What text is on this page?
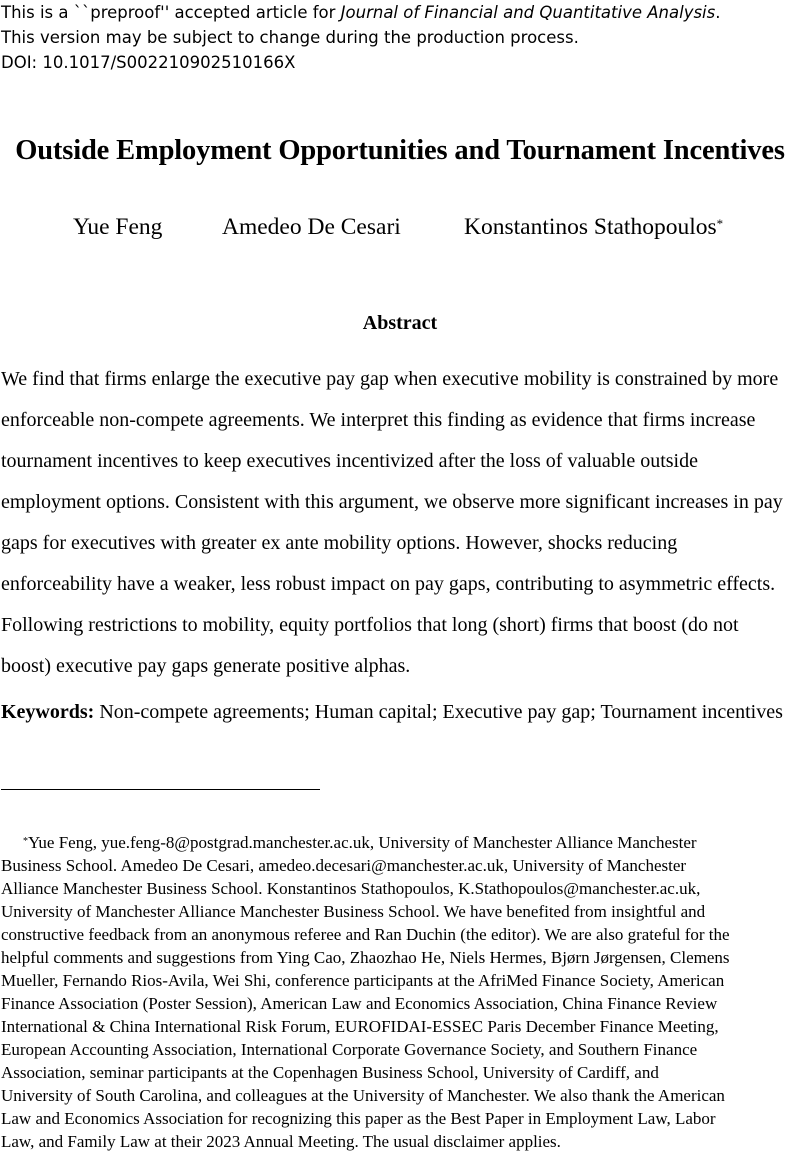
This is a ``preproof'' accepted article for Journal of Financial and Quantitative Analysis.
This version may be subject to change during the production process.
DOI: 10.1017/S002210902510166X
Outside Employment Opportunities and Tournament Incentives
Yue Feng	Amedeo De Cesari	Konstantinos Stathopoulos*
Abstract
We find that firms enlarge the executive pay gap when executive mobility is constrained by more
enforceable non-compete agreements. We interpret this finding as evidence that firms increase
tournament incentives to keep executives incentivized after the loss of valuable outside
employment options. Consistent with this argument, we observe more significant increases in pay
gaps for executives with greater ex ante mobility options. However, shocks reducing
enforceability have a weaker, less robust impact on pay gaps, contributing to asymmetric effects.
Following restrictions to mobility, equity portfolios that long (short) firms that boost (do not
boost) executive pay gaps generate positive alphas.
Keywords: Non-compete agreements; Human capital; Executive pay gap; Tournament incentives
*Yue Feng, yue.feng-8@postgrad.manchester.ac.uk, University of Manchester Alliance Manchester
Business School. Amedeo De Cesari, amedeo.decesari@manchester.ac.uk, University of Manchester
Alliance Manchester Business School. Konstantinos Stathopoulos, K.Stathopoulos@manchester.ac.uk,
University of Manchester Alliance Manchester Business School. We have benefited from insightful and
constructive feedback from an anonymous referee and Ran Duchin (the editor). We are also grateful for the
helpful comments and suggestions from Ying Cao, Zhaozhao He, Niels Hermes, Bjørn Jørgensen, Clemens
Mueller, Fernando Rios-Avila, Wei Shi, conference participants at the AfriMed Finance Society, American
Finance Association (Poster Session), American Law and Economics Association, China Finance Review
International & China International Risk Forum, EUROFIDAI-ESSEC Paris December Finance Meeting,
European Accounting Association, International Corporate Governance Society, and Southern Finance
Association, seminar participants at the Copenhagen Business School, University of Cardiff, and
University of South Carolina, and colleagues at the University of Manchester. We also thank the American
Law and Economics Association for recognizing this paper as the Best Paper in Employment Law, Labor
Law, and Family Law at their 2023 Annual Meeting. The usual disclaimer applies.
